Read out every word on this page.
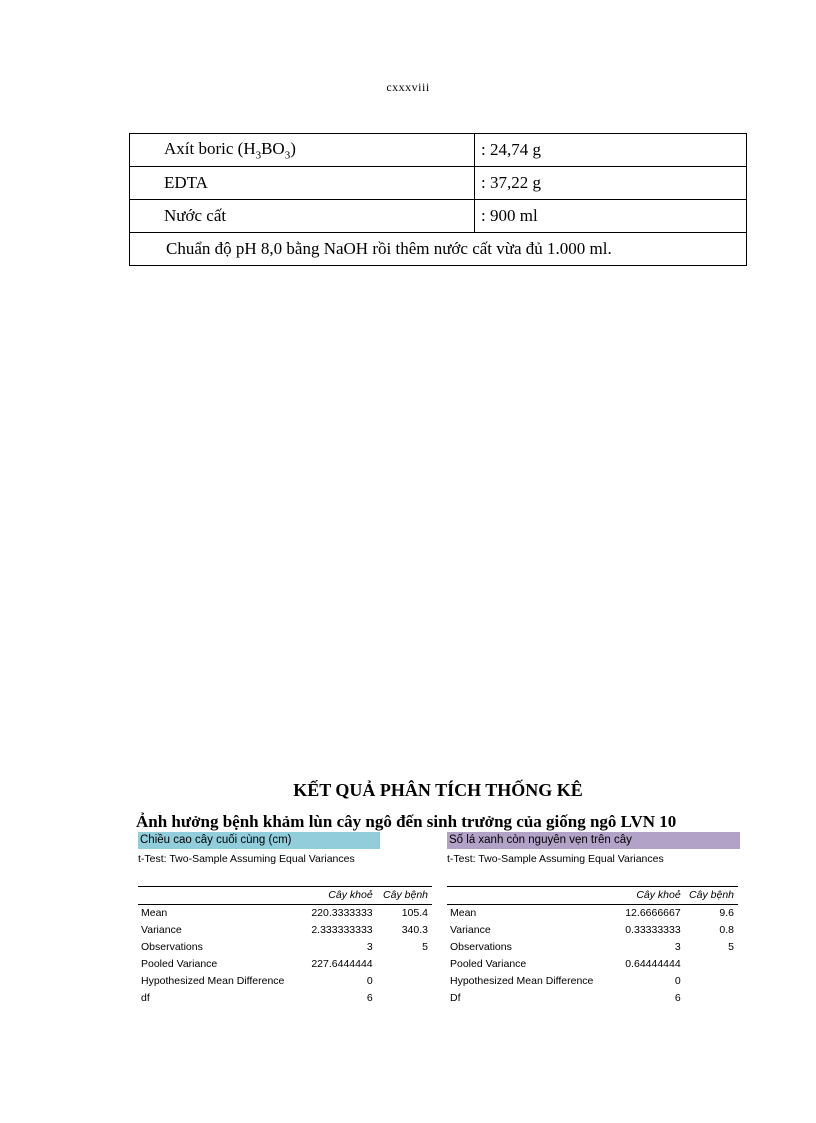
cxxxviii
Axít boric $(H_3BO_3)$	: 24,74 g
EDTA	: 37,22 g
Nước cất	: 900 ml
Chuẩn độ pH 8,0 bằng NaOH rồi thêm nước cất vừa đủ 1.000 ml.	
KẾT QUẢ PHÂN TÍCH THỐNG KÊ
Ảnh hưởng bệnh khảm lùn cây ngô đến sinh trưởng của giống ngô LVN 10
Chiều cao cây cuối cùng (cm)
t-Test: Two-Sample Assuming Equal Variances
	Cây khoẻ	Cây bệnh
Mean	220.3333333	105.4
Variance	2.333333333	340.3
Observations	3	5
Pooled Variance	227.6444444	
Hypothesized Mean Difference	0	
df	6	
Số lá xanh còn nguyên vẹn trên cây
t-Test: Two-Sample Assuming Equal Variances
	Cây khoẻ	Cây bệnh
Mean	12.6666667	9.6
Variance	0.33333333	0.8
Observations	3	5
Pooled Variance	0.64444444	
Hypothesized Mean Difference	0	
Df	6	
